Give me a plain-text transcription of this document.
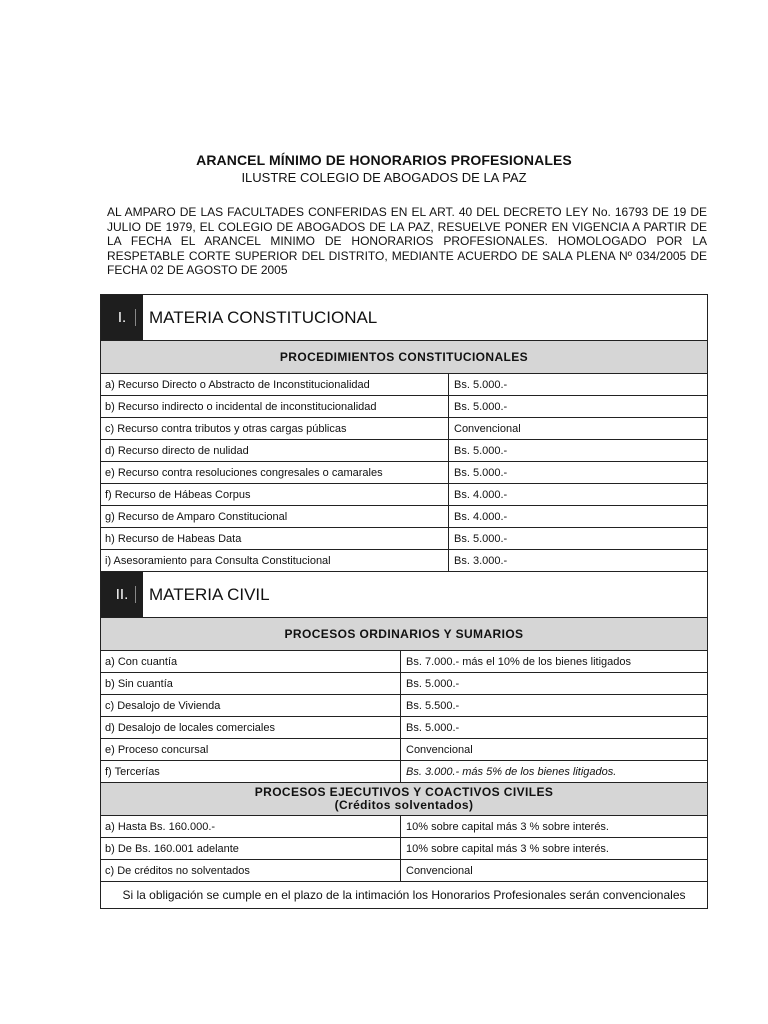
ARANCEL MÍNIMO DE HONORARIOS PROFESIONALES
ILUSTRE COLEGIO DE ABOGADOS DE LA PAZ
AL AMPARO DE LAS FACULTADES CONFERIDAS EN EL ART. 40 DEL DECRETO LEY No. 16793 DE 19 DE JULIO DE 1979, EL COLEGIO DE ABOGADOS DE LA PAZ, RESUELVE PONER EN VIGENCIA A PARTIR DE LA FECHA EL ARANCEL MINIMO DE HONORARIOS PROFESIONALES. HOMOLOGADO POR LA RESPETABLE CORTE SUPERIOR DEL DISTRITO, MEDIANTE ACUERDO DE SALA PLENA Nº 034/2005 DE FECHA 02 DE AGOSTO DE 2005
I. MATERIA CONSTITUCIONAL		

PROCEDIMIENTOS CONSTITUCIONALES		
a) Recurso Directo o Abstracto de Inconstitucionalidad		Bs. 5.000.-
b) Recurso indirecto o incidental de inconstitucionalidad		Bs. 5.000.-
c) Recurso contra tributos y otras cargas públicas		Convencional
d) Recurso directo de nulidad		Bs. 5.000.-
e) Recurso contra resoluciones congresales o camarales		Bs. 5.000.-
f) Recurso de Hábeas Corpus		Bs. 4.000.-
g) Recurso de Amparo Constitucional		Bs. 4.000.-
h) Recurso de Habeas Data		Bs. 5.000.-
i) Asesoramiento para Consulta Constitucional		Bs. 3.000.-

II. MATERIA CIVIL		

PROCESOS ORDINARIOS Y SUMARIOS		
a) Con cuantía	Bs. 7.000.- más el 10% de los bienes litigados	
b) Sin cuantía	Bs. 5.000.-	
c) Desalojo de Vivienda	Bs. 5.500.-	
d) Desalojo de locales comerciales	Bs. 5.000.-	
e) Proceso concursal	Convencional	
f) Tercerías	Bs. 3.000.- más 5% de los bienes litigados.	
PROCESOS EJECUTIVOS Y COACTIVOS CIVILES
(Créditos solventados)		

a) Hasta Bs. 160.000.-	10% sobre capital más 3 % sobre interés.	
b) De Bs. 160.001 adelante	10% sobre capital más 3 % sobre interés.	
c) De créditos no solventados	Convencional	
Si la obligación se cumple en el plazo de la intimación los Honorarios Profesionales serán convencionales		
